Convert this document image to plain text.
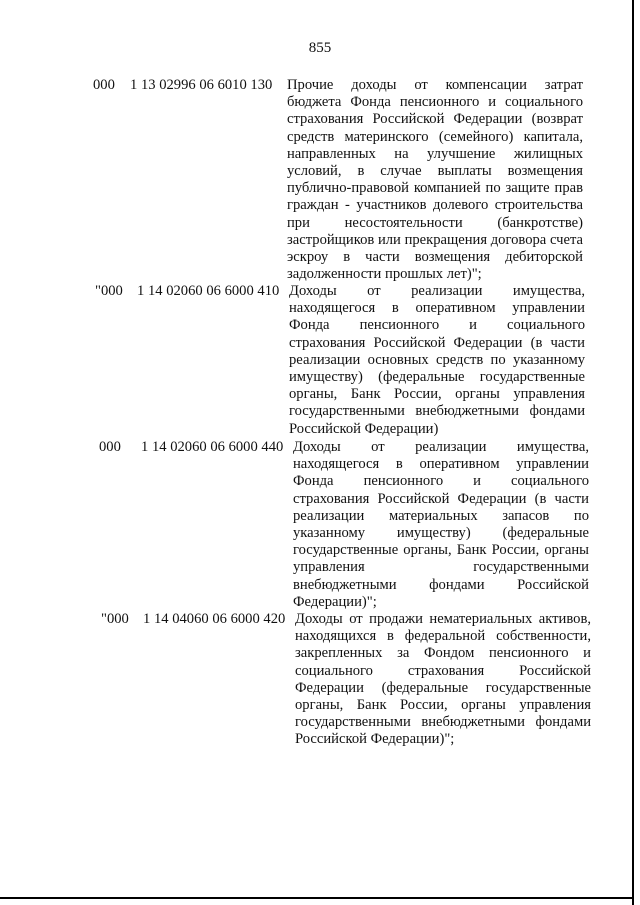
855
000 1 13 02996 06 6010 130 Прочие доходы от компенсации затрат бюджета Фонда пенсионного и социального страхования Российской Федерации (возврат средств материнского (семейного) капитала, направленных на улучшение жилищных условий, в случае выплаты возмещения публично-правовой компанией по защите прав граждан - участников долевого строительства при несостоятельности (банкротстве) застройщиков или прекращения договора счета эскроу в части возмещения дебиторской задолженности прошлых лет)";
"000 1 14 02060 06 6000 410 Доходы от реализации имущества, находящегося в оперативном управлении Фонда пенсионного и социального страхования Российской Федерации (в части реализации основных средств по указанному имуществу) (федеральные государственные органы, Банк России, органы управления государственными внебюджетными фондами Российской Федерации)
000 1 14 02060 06 6000 440 Доходы от реализации имущества, находящегося в оперативном управлении Фонда пенсионного и социального страхования Российской Федерации (в части реализации материальных запасов по указанному имуществу) (федеральные государственные органы, Банк России, органы управления государственными внебюджетными фондами Российской Федерации)";
"000 1 14 04060 06 6000 420 Доходы от продажи нематериальных активов, находящихся в федеральной собственности, закрепленных за Фондом пенсионного и социального страхования Российской Федерации (федеральные государственные органы, Банк России, органы управления государственными внебюджетными фондами Российской Федерации)";
